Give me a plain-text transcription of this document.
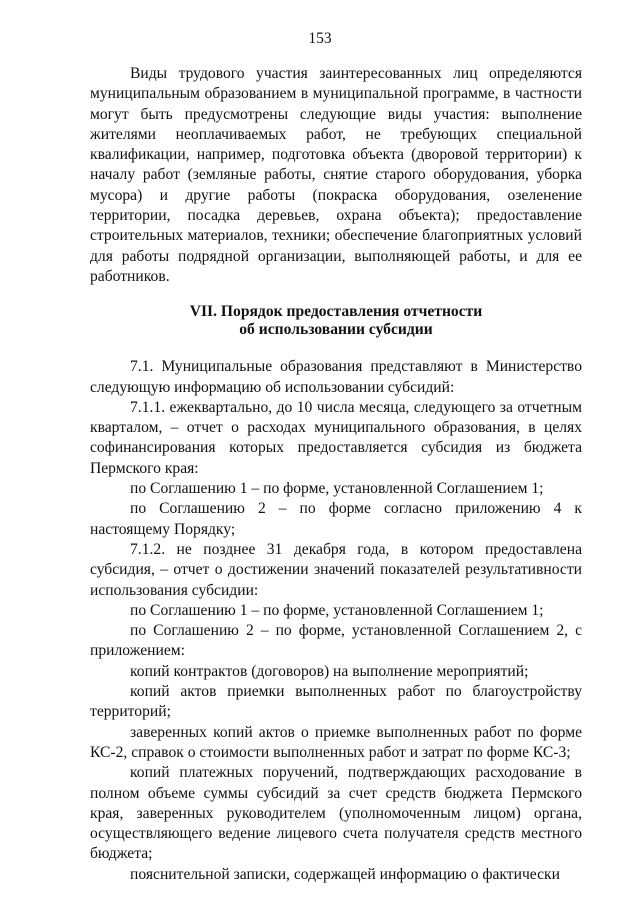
153

Виды трудового участия заинтересованных лиц определяются муниципальным образованием в муниципальной программе, в частности могут быть предусмотрены следующие виды участия: выполнение жителями неоплачиваемых работ, не требующих специальной квалификации, например, подготовка объекта (дворовой территории) к началу работ (земляные работы, снятие старого оборудования, уборка мусора) и другие работы (покраска оборудования, озеленение территории, посадка деревьев, охрана объекта); предоставление строительных материалов, техники; обеспечение благоприятных условий для работы подрядной организации, выполняющей работы, и для ее работников.

VII. Порядок предоставления отчетности
об использовании субсидии

7.1. Муниципальные образования представляют в Министерство следующую информацию об использовании субсидий:

7.1.1. ежеквартально, до 10 числа месяца, следующего за отчетным кварталом, – отчет о расходах муниципального образования, в целях софинансирования которых предоставляется субсидия из бюджета Пермского края:

по Соглашению 1 – по форме, установленной Соглашением 1;

по Соглашению 2 – по форме согласно приложению 4 к настоящему Порядку;

7.1.2. не позднее 31 декабря года, в котором предоставлена субсидия, – отчет о достижении значений показателей результативности использования субсидии:

по Соглашению 1 – по форме, установленной Соглашением 1;

по Соглашению 2 – по форме, установленной Соглашением 2, с приложением:

копий контрактов (договоров) на выполнение мероприятий;

копий актов приемки выполненных работ по благоустройству территорий;

заверенных копий актов о приемке выполненных работ по форме КС-2, справок о стоимости выполненных работ и затрат по форме КС-3;

копий платежных поручений, подтверждающих расходование в полном объеме суммы субсидий за счет средств бюджета Пермского края, заверенных руководителем (уполномоченным лицом) органа, осуществляющего ведение лицевого счета получателя средств местного бюджета;

пояснительной записки, содержащей информацию о фактически
